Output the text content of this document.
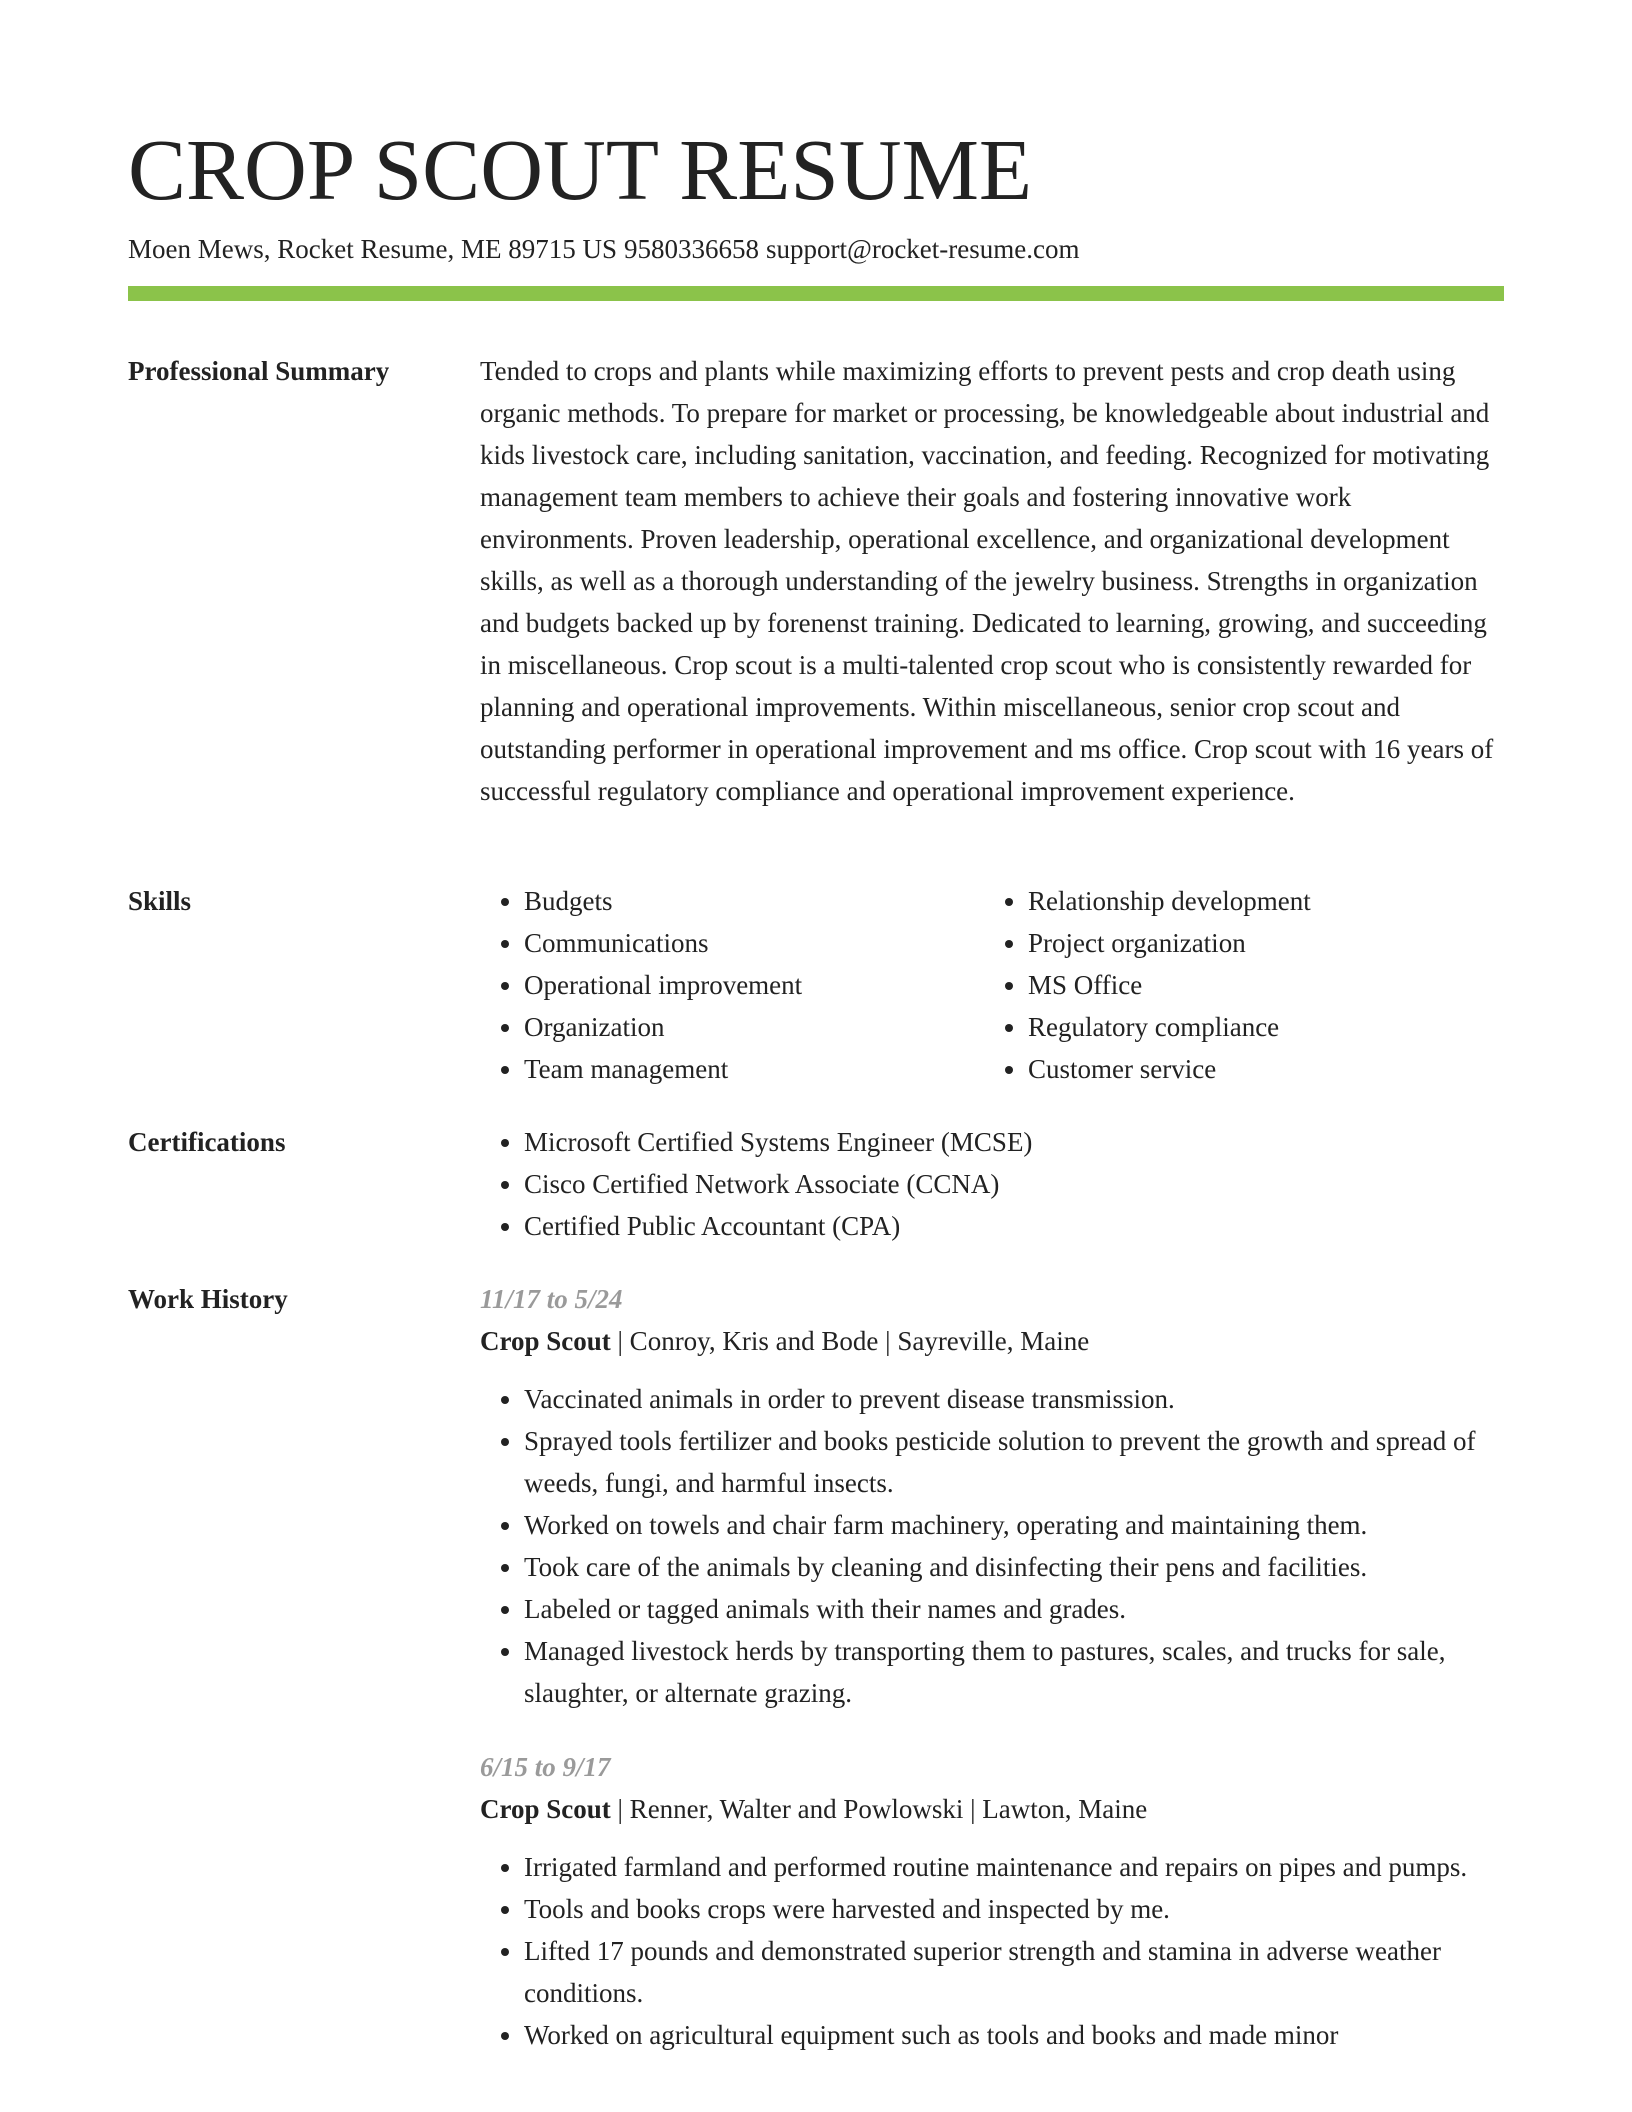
CROP SCOUT RESUME
Moen Mews, Rocket Resume, ME 89715 US 9580336658 support@rocket-resume.com
Professional Summary	Tended to crops and plants while maximizing efforts to prevent pests and crop death using organic methods. To prepare for market or processing, be knowledgeable about industrial and kids livestock care, including sanitation, vaccination, and feeding. Recognized for motivating management team members to achieve their goals and fostering innovative work environments. Proven leadership, operational excellence, and organizational development skills, as well as a thorough understanding of the jewelry business. Strengths in organization and budgets backed up by forenenst training. Dedicated to learning, growing, and succeeding in miscellaneous. Crop scout is a multi-talented crop scout who is consistently rewarded for planning and operational improvements. Within miscellaneous, senior crop scout and outstanding performer in operational improvement and ms office. Crop scout with 16 years of successful regulatory compliance and operational improvement experience.

Skills	• Budgets
• Communications
• Operational improvement
• Organization
• Team management
• Relationship development
• Project organization
• MS Office
• Regulatory compliance
• Customer service
Certifications	• Microsoft Certified Systems Engineer (MCSE)
• Cisco Certified Network Associate (CCNA)
• Certified Public Accountant (CPA)
Work History	11/17 to 5/24
Crop Scout | Conroy, Kris and Bode | Sayreville, Maine
• Vaccinated animals in order to prevent disease transmission.
• Sprayed tools fertilizer and books pesticide solution to prevent the growth and spread of weeds, fungi, and harmful insects.
• Worked on towels and chair farm machinery, operating and maintaining them.
• Took care of the animals by cleaning and disinfecting their pens and facilities.
• Labeled or tagged animals with their names and grades.
• Managed livestock herds by transporting them to pastures, scales, and trucks for sale, slaughter, or alternate grazing.
6/15 to 9/17
Crop Scout | Renner, Walter and Powlowski | Lawton, Maine
• Irrigated farmland and performed routine maintenance and repairs on pipes and pumps.
• Tools and books crops were harvested and inspected by me.
• Lifted 17 pounds and demonstrated superior strength and stamina in adverse weather conditions.
• Worked on agricultural equipment such as tools and books and made minor
